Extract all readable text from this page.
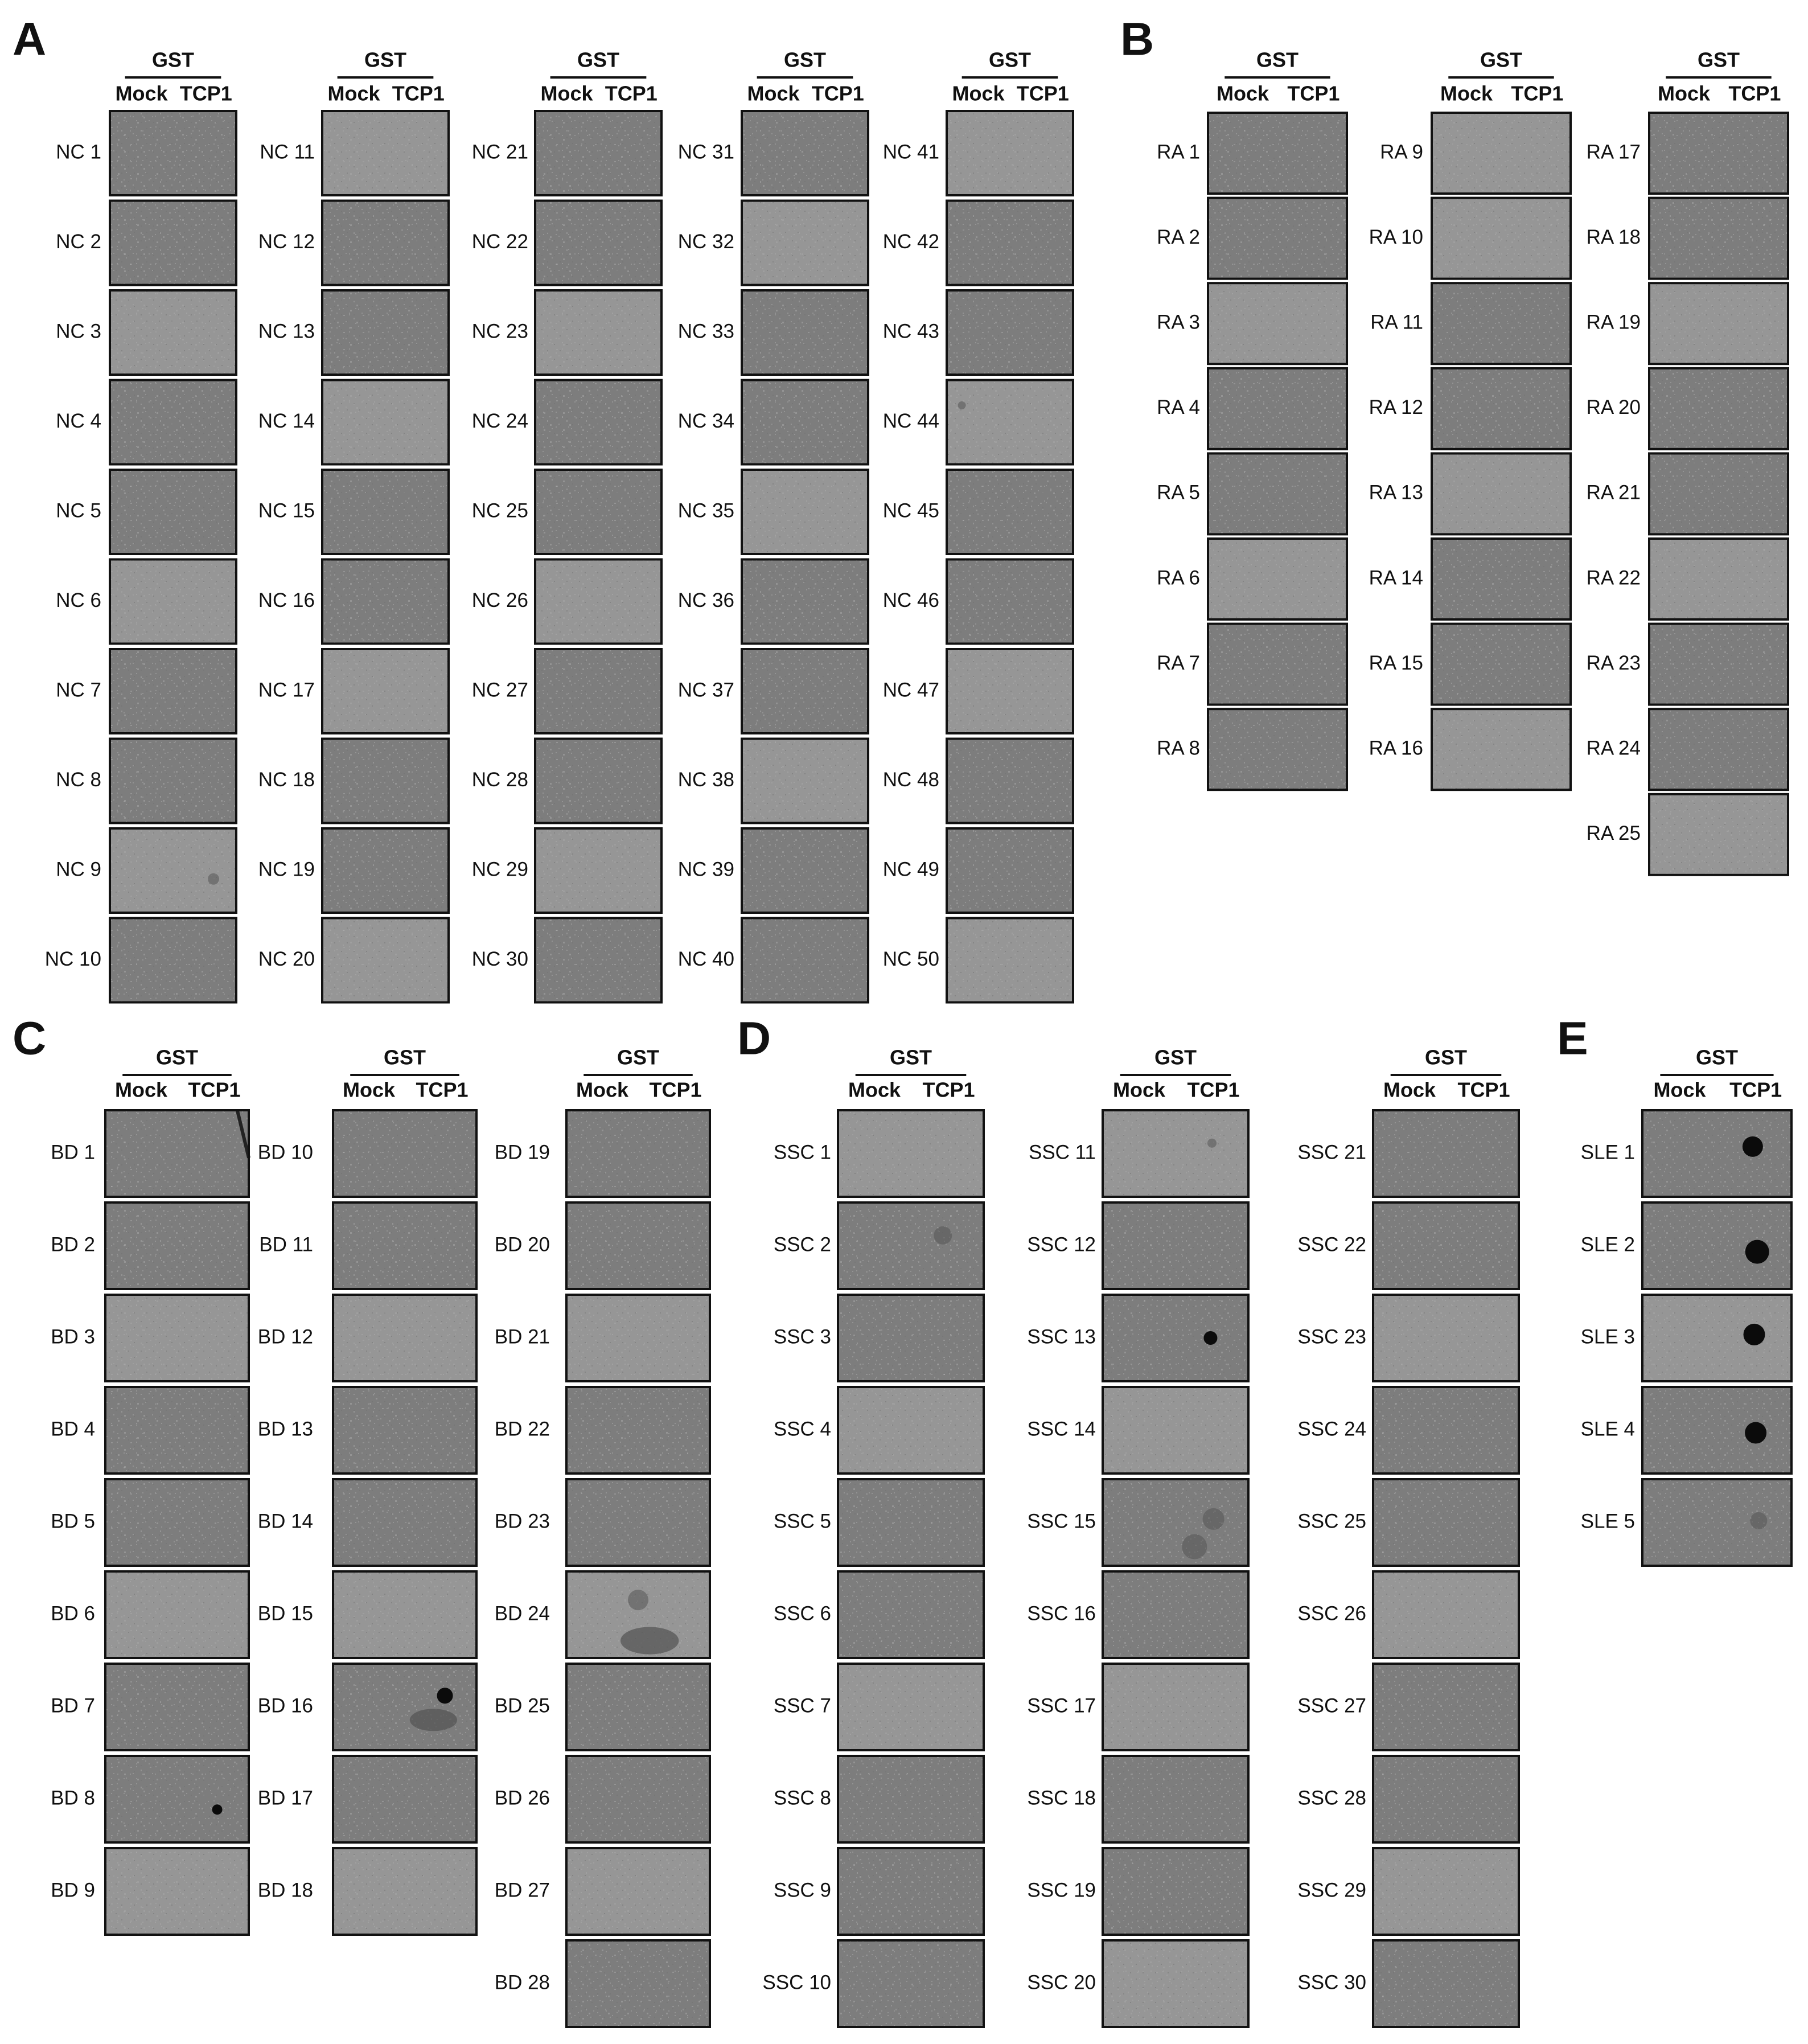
A	GST
Mock TCP1
NC 1
NC 2
NC 3
NC 4
NC 5
NC 6
NC 7
NC 8
NC 9
NC 10
GST
Mock TCP1
NC 11
NC 12
NC 13
NC 14
NC 15
NC 16
NC 17
NC 18
NC 19
NC 20
GST
Mock TCP1
NC 21
NC 22
NC 23
NC 24
NC 25
NC 26
NC 27
NC 28
NC 29
NC 30
GST
Mock TCP1
NC 31
NC 32
NC 33
NC 34
NC 35
NC 36
NC 37
NC 38
NC 39
NC 40
GST
Mock TCP1
NC 41
NC 42
NC 43
NC 44
NC 45
NC 46
NC 47
NC 48
NC 49
NC 50
B	GST
Mock TCP1
RA 1
RA 2
RA 3
RA 4
RA 5
RA 6
RA 7
RA 8
GST
Mock TCP1
RA 9
RA 10
RA 11
RA 12
RA 13
RA 14
RA 15
RA 16
GST
Mock TCP1
RA 17
RA 18
RA 19
RA 20
RA 21
RA 22
RA 23
RA 24
RA 25
C	GST
Mock TCP1
BD 1
BD 2
BD 3
BD 4
BD 5
BD 6
BD 7
BD 8
BD 9
GST
Mock TCP1
BD 10
BD 11
BD 12
BD 13
BD 14
BD 15
BD 16
BD 17
BD 18
GST
Mock TCP1
BD 19
BD 20
BD 21
BD 22
BD 23
BD 24
BD 25
BD 26
BD 27
BD 28
D	GST
Mock TCP1
SSC 1
SSC 2
SSC 3
SSC 4
SSC 5
SSC 6
SSC 7
SSC 8
SSC 9
SSC 10
GST
Mock TCP1
SSC 11
SSC 12
SSC 13
SSC 14
SSC 15
SSC 16
SSC 17
SSC 18
SSC 19
SSC 20
GST
Mock TCP1
SSC 21
SSC 22
SSC 23
SSC 24
SSC 25
SSC 26
SSC 27
SSC 28
SSC 29
SSC 30
E	GST
Mock TCP1
SLE 1
SLE 2
SLE 3
SLE 4
SLE 5
